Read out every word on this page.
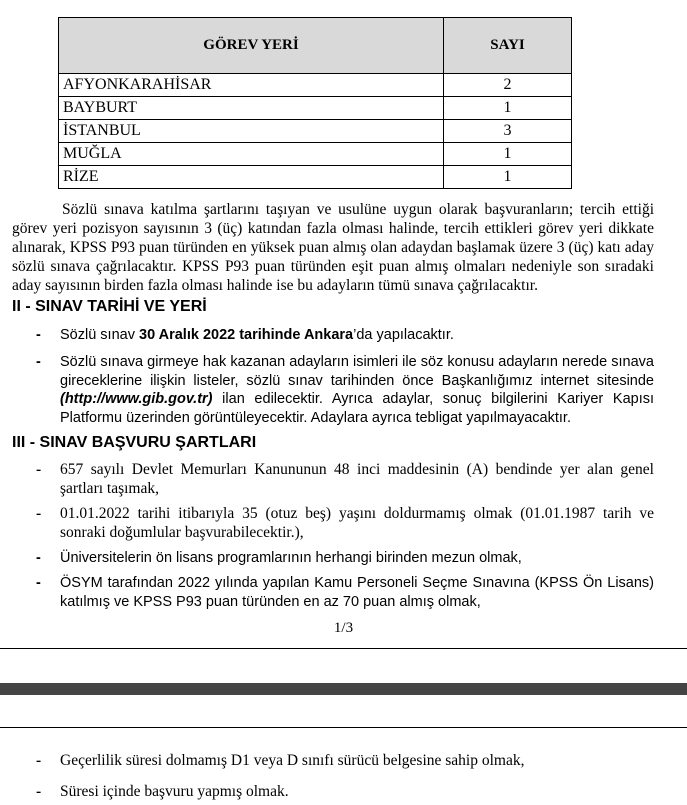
GÖREV YERİ	SAYI
AFYONKARAHİSAR	2
BAYBURT	1
İSTANBUL	3
MUĞLA	1
RİZE	1

Sözlü sınava katılma şartlarını taşıyan ve usulüne uygun olarak başvuranların; tercih ettiği görev yeri pozisyon sayısının 3 (üç) katından fazla olması halinde, tercih ettikleri görev yeri dikkate alınarak, KPSS P93 puan türünden en yüksek puan almış olan adaydan başlamak üzere 3 (üç) katı aday sözlü sınava çağrılacaktır. KPSS P93 puan türünden eşit puan almış olmaları nedeniyle son sıradaki aday sayısının birden fazla olması halinde ise bu adayların tümü sınava çağrılacaktır.

II - SINAV TARİHİ VE YERİ
-	Sözlü sınav 30 Aralık 2022 tarihinde Ankara’da yapılacaktır.
-	Sözlü sınava girmeye hak kazanan adayların isimleri ile söz konusu adayların nerede sınava gireceklerine ilişkin listeler, sözlü sınav tarihinden önce Başkanlığımız internet sitesinde (http://www.gib.gov.tr) ilan edilecektir. Ayrıca adaylar, sonuç bilgilerini Kariyer Kapısı Platformu üzerinden görüntüleyecektir. Adaylara ayrıca tebligat yapılmayacaktır.
III - SINAV BAŞVURU ŞARTLARI
-	657 sayılı Devlet Memurları Kanununun 48 inci maddesinin (A) bendinde yer alan genel şartları taşımak,
-	01.01.2022 tarihi itibarıyla 35 (otuz beş) yaşını doldurmamış olmak (01.01.1987 tarih ve sonraki doğumlular başvurabilecektir.),
-	Üniversitelerin ön lisans programlarının herhangi birinden mezun olmak,
-	ÖSYM tarafından 2022 yılında yapılan Kamu Personeli Seçme Sınavına (KPSS Ön Lisans) katılmış ve KPSS P93 puan türünden en az 70 puan almış olmak,
1/3
-	Geçerlilik süresi dolmamış D1 veya D sınıfı sürücü belgesine sahip olmak,
-	Süresi içinde başvuru yapmış olmak.
